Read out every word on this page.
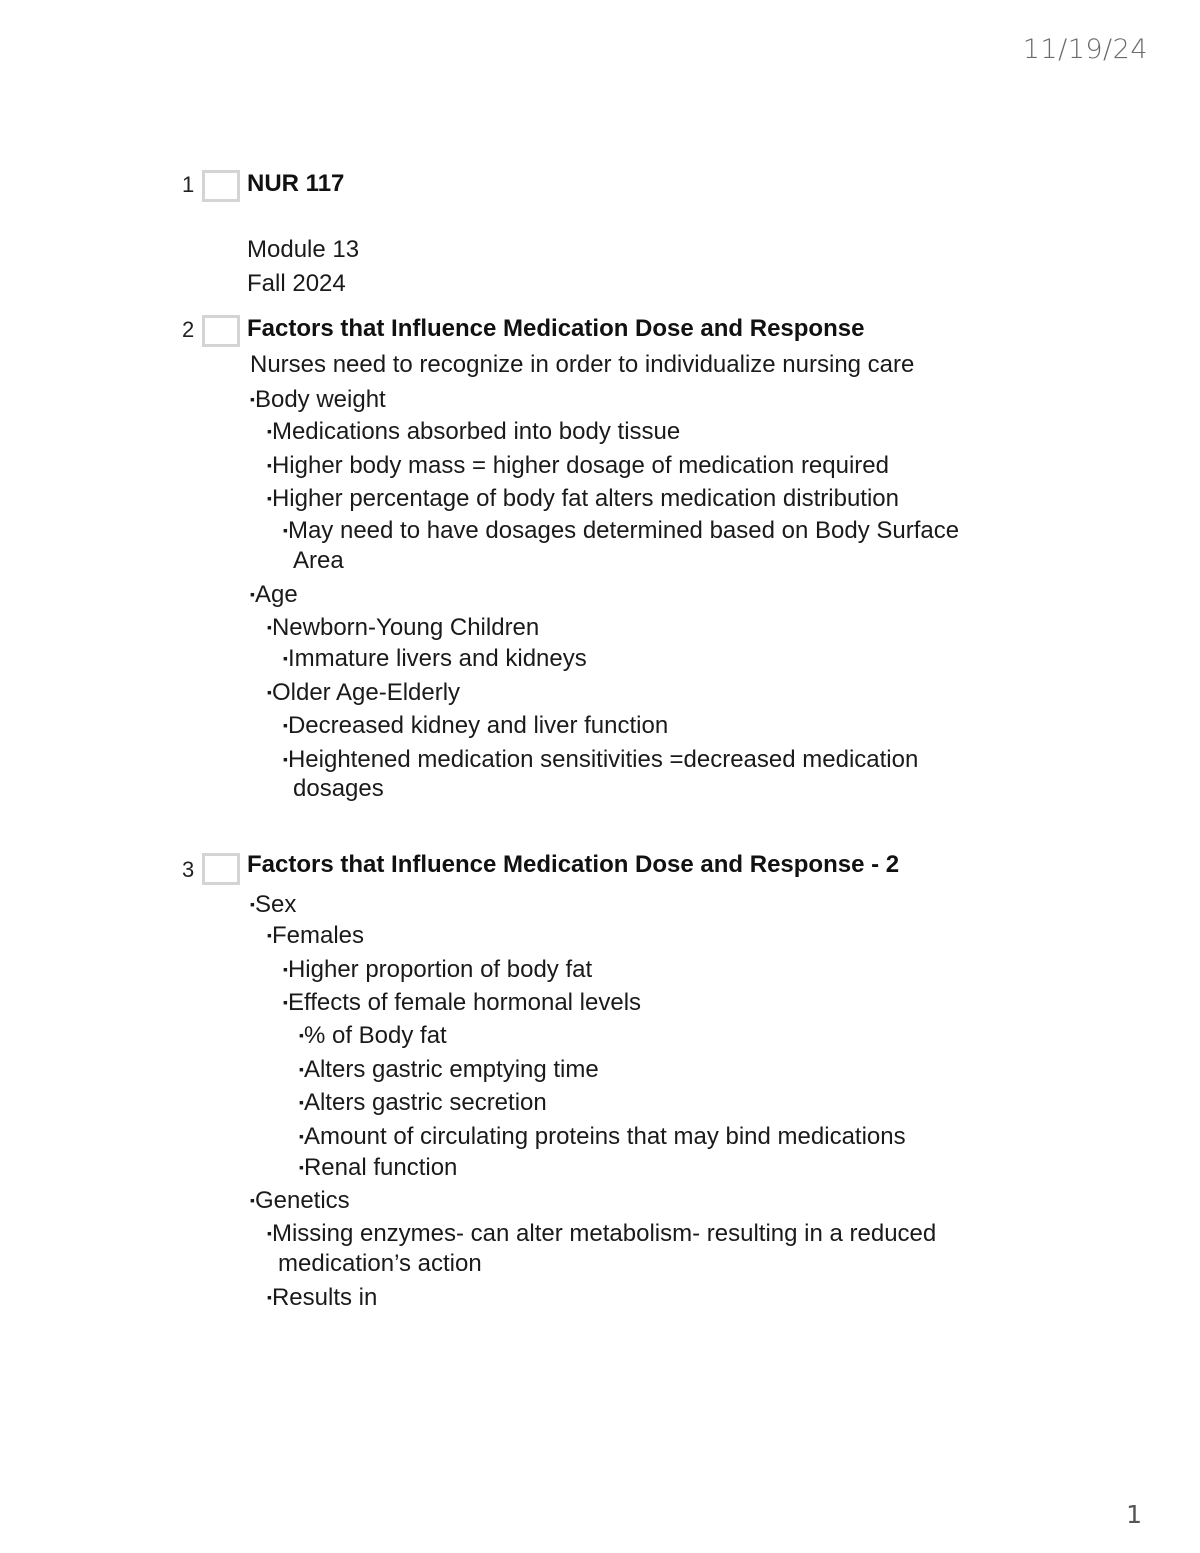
11/19/24
1 NUR 117
Module 13
Fall 2024
2 Factors that Influence Medication Dose and Response
Nurses need to recognize in order to individualize nursing care
▪Body weight
▪Medications absorbed into body tissue
▪Higher body mass = higher dosage of medication required
▪Higher percentage of body fat alters medication distribution
▪May need to have dosages determined based on Body Surface
Area
▪Age
▪Newborn-Young Children
▪Immature livers and kidneys
▪Older Age-Elderly
▪Decreased kidney and liver function
▪Heightened medication sensitivities =decreased medication
dosages
3 Factors that Influence Medication Dose and Response - 2
▪Sex
▪Females
▪Higher proportion of body fat
▪Effects of female hormonal levels
▪% of Body fat
▪Alters gastric emptying time
▪Alters gastric secretion
▪Amount of circulating proteins that may bind medications
▪Renal function
▪Genetics
▪Missing enzymes- can alter metabolism- resulting in a reduced
medication’s action
▪Results in
1
